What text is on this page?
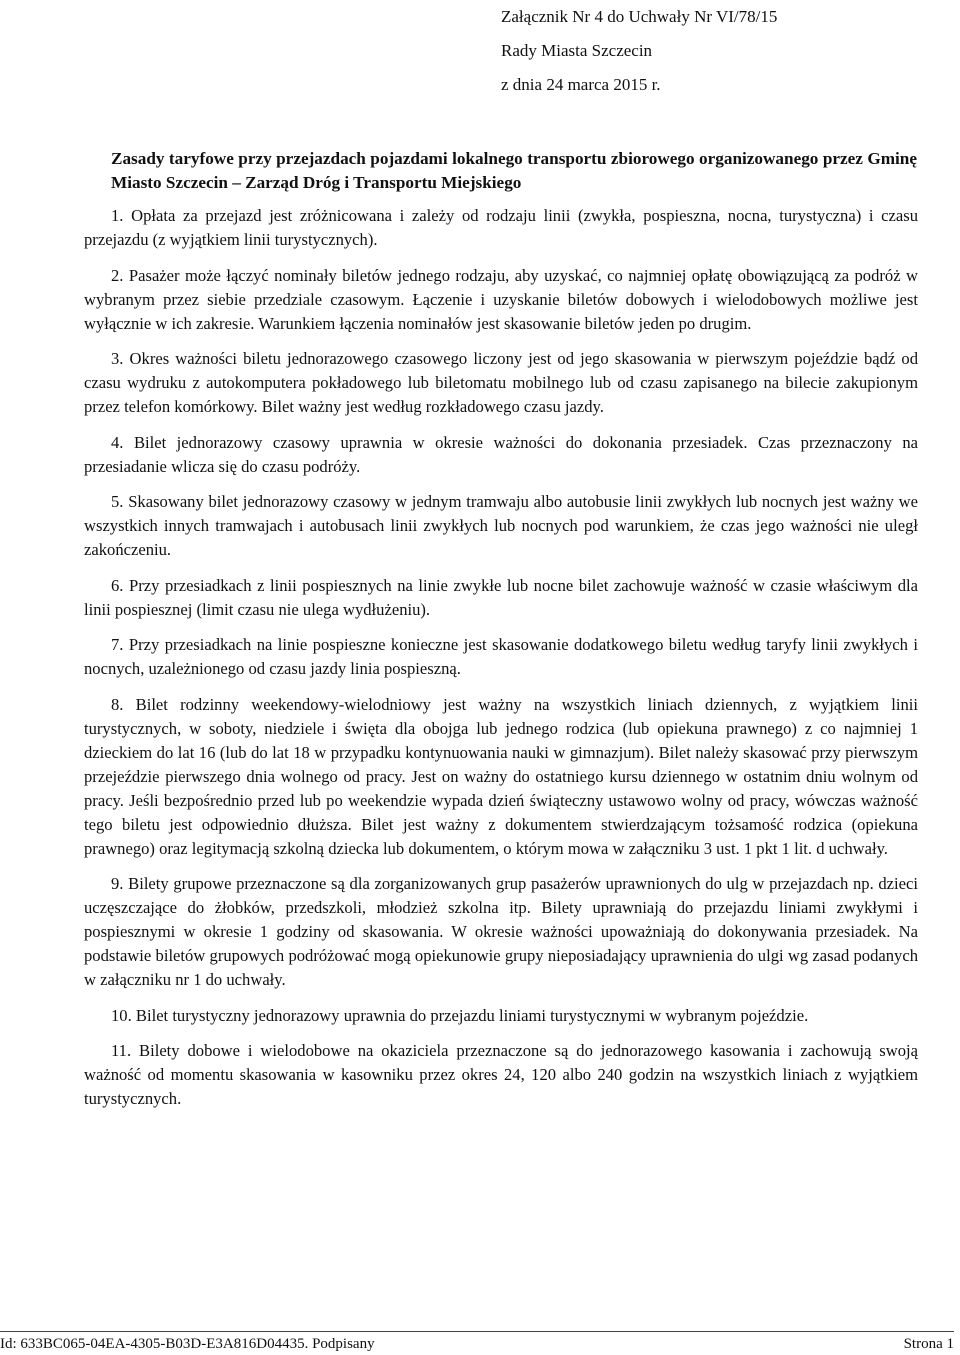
Załącznik Nr 4 do Uchwały Nr VI/78/15
Rady Miasta Szczecin
z dnia 24 marca 2015 r.
Zasady taryfowe przy przejazdach pojazdami lokalnego transportu zbiorowego organizowanego przez Gminę Miasto Szczecin – Zarząd Dróg i Transportu Miejskiego

1. Opłata za przejazd jest zróżnicowana i zależy od rodzaju linii (zwykła, pospieszna, nocna, turystyczna) i czasu przejazdu (z wyjątkiem linii turystycznych).

2. Pasażer może łączyć nominały biletów jednego rodzaju, aby uzyskać, co najmniej opłatę obowiązującą za podróż w wybranym przez siebie przedziale czasowym. Łączenie i uzyskanie biletów dobowych i wielodobowych możliwe jest wyłącznie w ich zakresie. Warunkiem łączenia nominałów jest skasowanie biletów jeden po drugim.

3. Okres ważności biletu jednorazowego czasowego liczony jest od jego skasowania w pierwszym pojeździe bądź od czasu wydruku z autokomputera pokładowego lub biletomatu mobilnego lub od czasu zapisanego na bilecie zakupionym przez telefon komórkowy. Bilet ważny jest według rozkładowego czasu jazdy.

4. Bilet jednorazowy czasowy uprawnia w okresie ważności do dokonania przesiadek. Czas przeznaczony na przesiadanie wlicza się do czasu podróży.

5. Skasowany bilet jednorazowy czasowy w jednym tramwaju albo autobusie linii zwykłych lub nocnych jest ważny we wszystkich innych tramwajach i autobusach linii zwykłych lub nocnych pod warunkiem, że czas jego ważności nie uległ zakończeniu.

6. Przy przesiadkach z linii pospiesznych na linie zwykłe lub nocne bilet zachowuje ważność w czasie właściwym dla linii pospiesznej (limit czasu nie ulega wydłużeniu).

7. Przy przesiadkach na linie pospieszne konieczne jest skasowanie dodatkowego biletu według taryfy linii zwykłych i nocnych, uzależnionego od czasu jazdy linia pospieszną.

8. Bilet rodzinny weekendowy-wielodniowy jest ważny na wszystkich liniach dziennych, z wyjątkiem linii turystycznych, w soboty, niedziele i święta dla obojga lub jednego rodzica (lub opiekuna prawnego) z co najmniej 1 dzieckiem do lat 16 (lub do lat 18 w przypadku kontynuowania nauki w gimnazjum). Bilet należy skasować przy pierwszym przejeździe pierwszego dnia wolnego od pracy. Jest on ważny do ostatniego kursu dziennego w ostatnim dniu wolnym od pracy. Jeśli bezpośrednio przed lub po weekendzie wypada dzień świąteczny ustawowo wolny od pracy, wówczas ważność tego biletu jest odpowiednio dłuższa. Bilet jest ważny z dokumentem stwierdzającym tożsamość rodzica (opiekuna prawnego) oraz legitymacją szkolną dziecka lub dokumentem, o którym mowa w załączniku 3 ust. 1 pkt 1 lit. d uchwały.

9. Bilety grupowe przeznaczone są dla zorganizowanych grup pasażerów uprawnionych do ulg w przejazdach np. dzieci uczęszczające do żłobków, przedszkoli, młodzież szkolna itp. Bilety uprawniają do przejazdu liniami zwykłymi i pospiesznymi w okresie 1 godziny od skasowania. W okresie ważności upoważniają do dokonywania przesiadek. Na podstawie biletów grupowych podróżować mogą opiekunowie grupy nieposiadający uprawnienia do ulgi wg zasad podanych w załączniku nr 1 do uchwały.

10. Bilet turystyczny jednorazowy uprawnia do przejazdu liniami turystycznymi w wybranym pojeździe.

11. Bilety dobowe i wielodobowe na okaziciela przeznaczone są do jednorazowego kasowania i zachowują swoją ważność od momentu skasowania w kasowniku przez okres 24, 120 albo 240 godzin na wszystkich liniach z wyjątkiem turystycznych.

Id: 633BC065-04EA-4305-B03D-E3A816D04435. Podpisany	Strona 1
